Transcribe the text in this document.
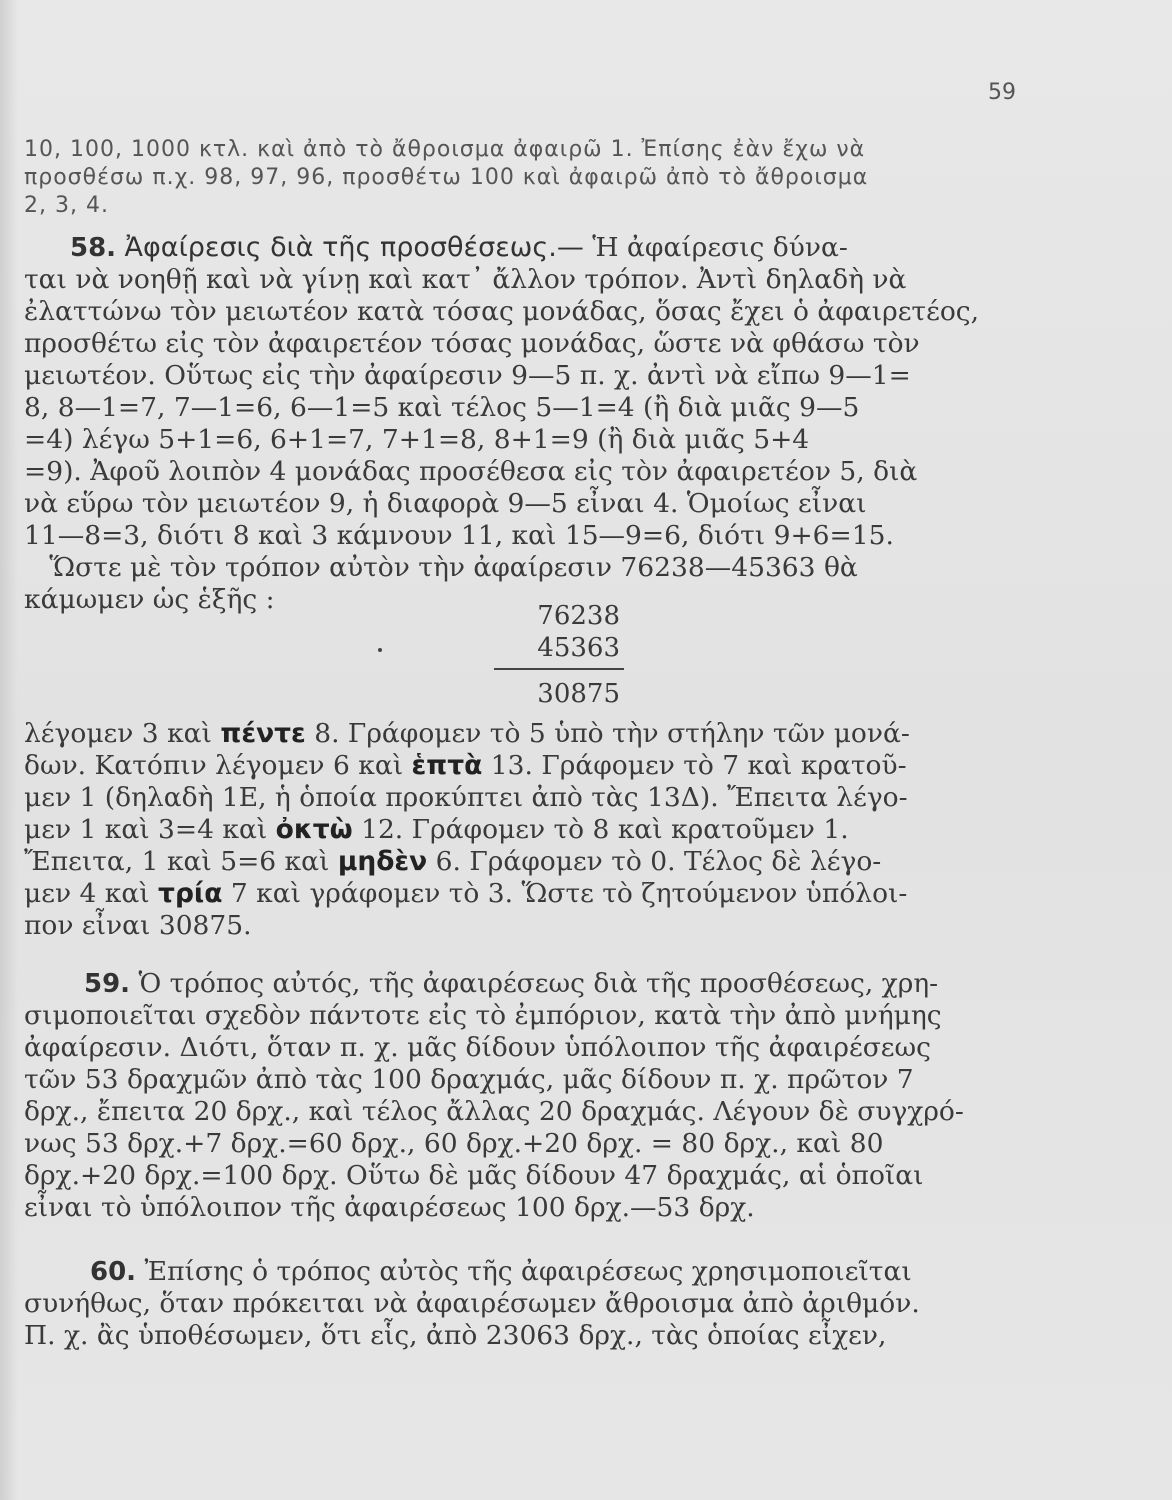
59
10, 100, 1000 κτλ. καὶ ἀπὸ τὸ ἄθροισμα ἀφαιρῶ 1. Ἐπίσης ἐὰν ἔχω νὰ
προσθέσω π.χ. 98, 97, 96, προσθέτω 100 καὶ ἀφαιρῶ ἀπὸ τὸ ἄθροισμα
2, 3, 4.
58. Ἀφαίρεσις διὰ τῆς προσθέσεως.— Ἡ ἀφαίρεσις δύνα-
ται νὰ νοηθῇ καὶ νὰ γίνῃ καὶ κατ᾿ ἄλλον τρόπον. Ἀντὶ δηλαδὴ νὰ
ἐλαττώνω τὸν μειωτέον κατὰ τόσας μονάδας, ὅσας ἔχει ὁ ἀφαιρετέος,
προσθέτω εἰς τὸν ἀφαιρετέον τόσας μονάδας, ὥστε νὰ φθάσω τὸν
μειωτέον. Οὕτως εἰς τὴν ἀφαίρεσιν 9—5 π. χ. ἀντὶ νὰ εἴπω 9—1=
8, 8—1=7, 7—1=6, 6—1=5 καὶ τέλος 5—1=4 (ἢ διὰ μιᾶς 9—5
=4) λέγω 5+1=6, 6+1=7, 7+1=8, 8+1=9 (ἢ διὰ μιᾶς 5+4
=9). Ἀφοῦ λοιπὸν 4 μονάδας προσέθεσα εἰς τὸν ἀφαιρετέον 5, διὰ
νὰ εὕρω τὸν μειωτέον 9, ἡ διαφορὰ 9—5 εἶναι 4. Ὁμοίως εἶναι
11—8=3, διότι 8 καὶ 3 κάμνουν 11, καὶ 15—9=6, διότι 9+6=15.
Ὥστε μὲ τὸν τρόπον αὐτὸν τὴν ἀφαίρεσιν 76238—45363 θὰ
κάμωμεν ὡς ἑξῆς :
76238
45363
30875
λέγομεν 3 καὶ πέντε 8. Γράφομεν τὸ 5 ὑπὸ τὴν στήλην τῶν μονά-
δων. Κατόπιν λέγομεν 6 καὶ ἑπτὰ 13. Γράφομεν τὸ 7 καὶ κρατοῦ-
μεν 1 (δηλαδὴ 1Ε, ἡ ὁποία προκύπτει ἀπὸ τὰς 13Δ). Ἔπειτα λέγο-
μεν 1 καὶ 3=4 καὶ ὀκτὼ 12. Γράφομεν τὸ 8 καὶ κρατοῦμεν 1.
Ἔπειτα, 1 καὶ 5=6 καὶ μηδὲν 6. Γράφομεν τὸ 0. Τέλος δὲ λέγο-
μεν 4 καὶ τρία 7 καὶ γράφομεν τὸ 3. Ὥστε τὸ ζητούμενον ὑπόλοι-
πον εἶναι 30875.
59. Ὁ τρόπος αὐτός, τῆς ἀφαιρέσεως διὰ τῆς προσθέσεως, χρη-
σιμοποιεῖται σχεδὸν πάντοτε εἰς τὸ ἐμπόριον, κατὰ τὴν ἀπὸ μνήμης
ἀφαίρεσιν. Διότι, ὅταν π. χ. μᾶς δίδουν ὑπόλοιπον τῆς ἀφαιρέσεως
τῶν 53 δραχμῶν ἀπὸ τὰς 100 δραχμάς, μᾶς δίδουν π. χ. πρῶτον 7
δρχ., ἔπειτα 20 δρχ., καὶ τέλος ἄλλας 20 δραχμάς. Λέγουν δὲ συγχρό-
νως 53 δρχ.+7 δρχ.=60 δρχ., 60 δρχ.+20 δρχ. = 80 δρχ., καὶ 80
δρχ.+20 δρχ.=100 δρχ. Οὕτω δὲ μᾶς δίδουν 47 δραχμάς, αἱ ὁποῖαι
εἶναι τὸ ὑπόλοιπον τῆς ἀφαιρέσεως 100 δρχ.—53 δρχ.
60. Ἐπίσης ὁ τρόπος αὐτὸς τῆς ἀφαιρέσεως χρησιμοποιεῖται
συνήθως, ὅταν πρόκειται νὰ ἀφαιρέσωμεν ἄθροισμα ἀπὸ ἀριθμόν.
Π. χ. ἂς ὑποθέσωμεν, ὅτι εἷς, ἀπὸ 23063 δρχ., τὰς ὁποίας εἶχεν,
